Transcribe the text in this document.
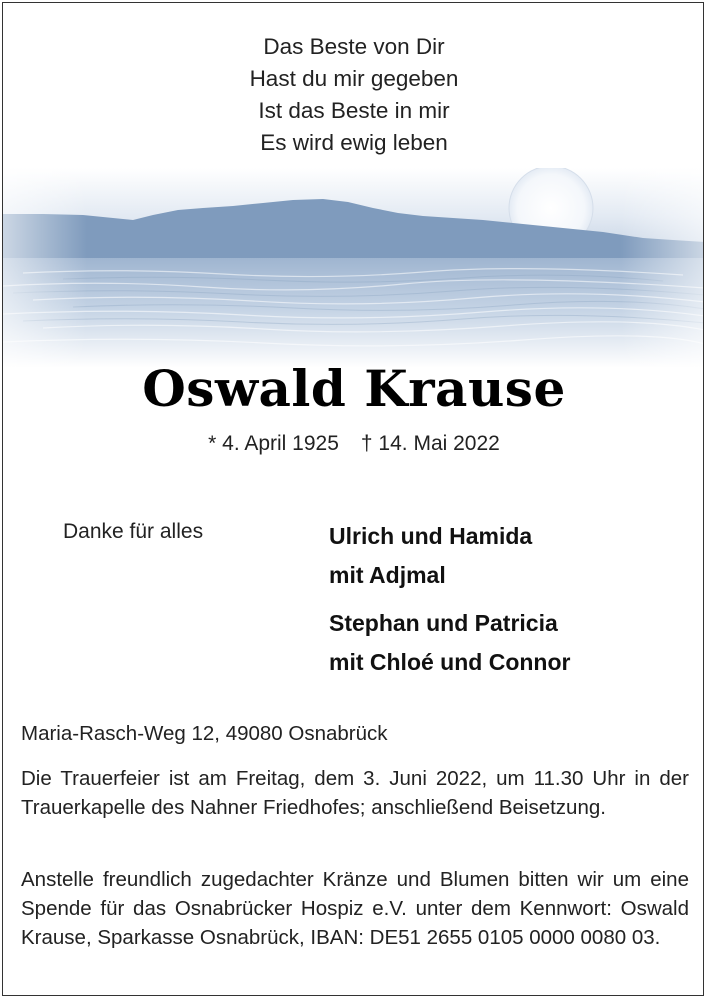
Das Beste von Dir
Hast du mir gegeben
Ist das Beste in mir
Es wird ewig leben
Oswald Krause
* 4. April 1925 † 14. Mai 2022
Danke für alles	Ulrich und Hamida
mit Adjmal
Stephan und Patricia
mit Chloé und Connor
Maria-Rasch-Weg 12, 49080 Osnabrück
Die Trauerfeier ist am Freitag, dem 3. Juni 2022, um 11.30 Uhr in der Trauerkapelle des Nahner Friedhofes; anschließend Beisetzung.
Anstelle freundlich zugedachter Kränze und Blumen bitten wir um eine Spende für das Osnabrücker Hospiz e.V. unter dem Kennwort: Oswald Krause, Sparkasse Osnabrück, IBAN: DE51 2655 0105 0000 0080 03.
